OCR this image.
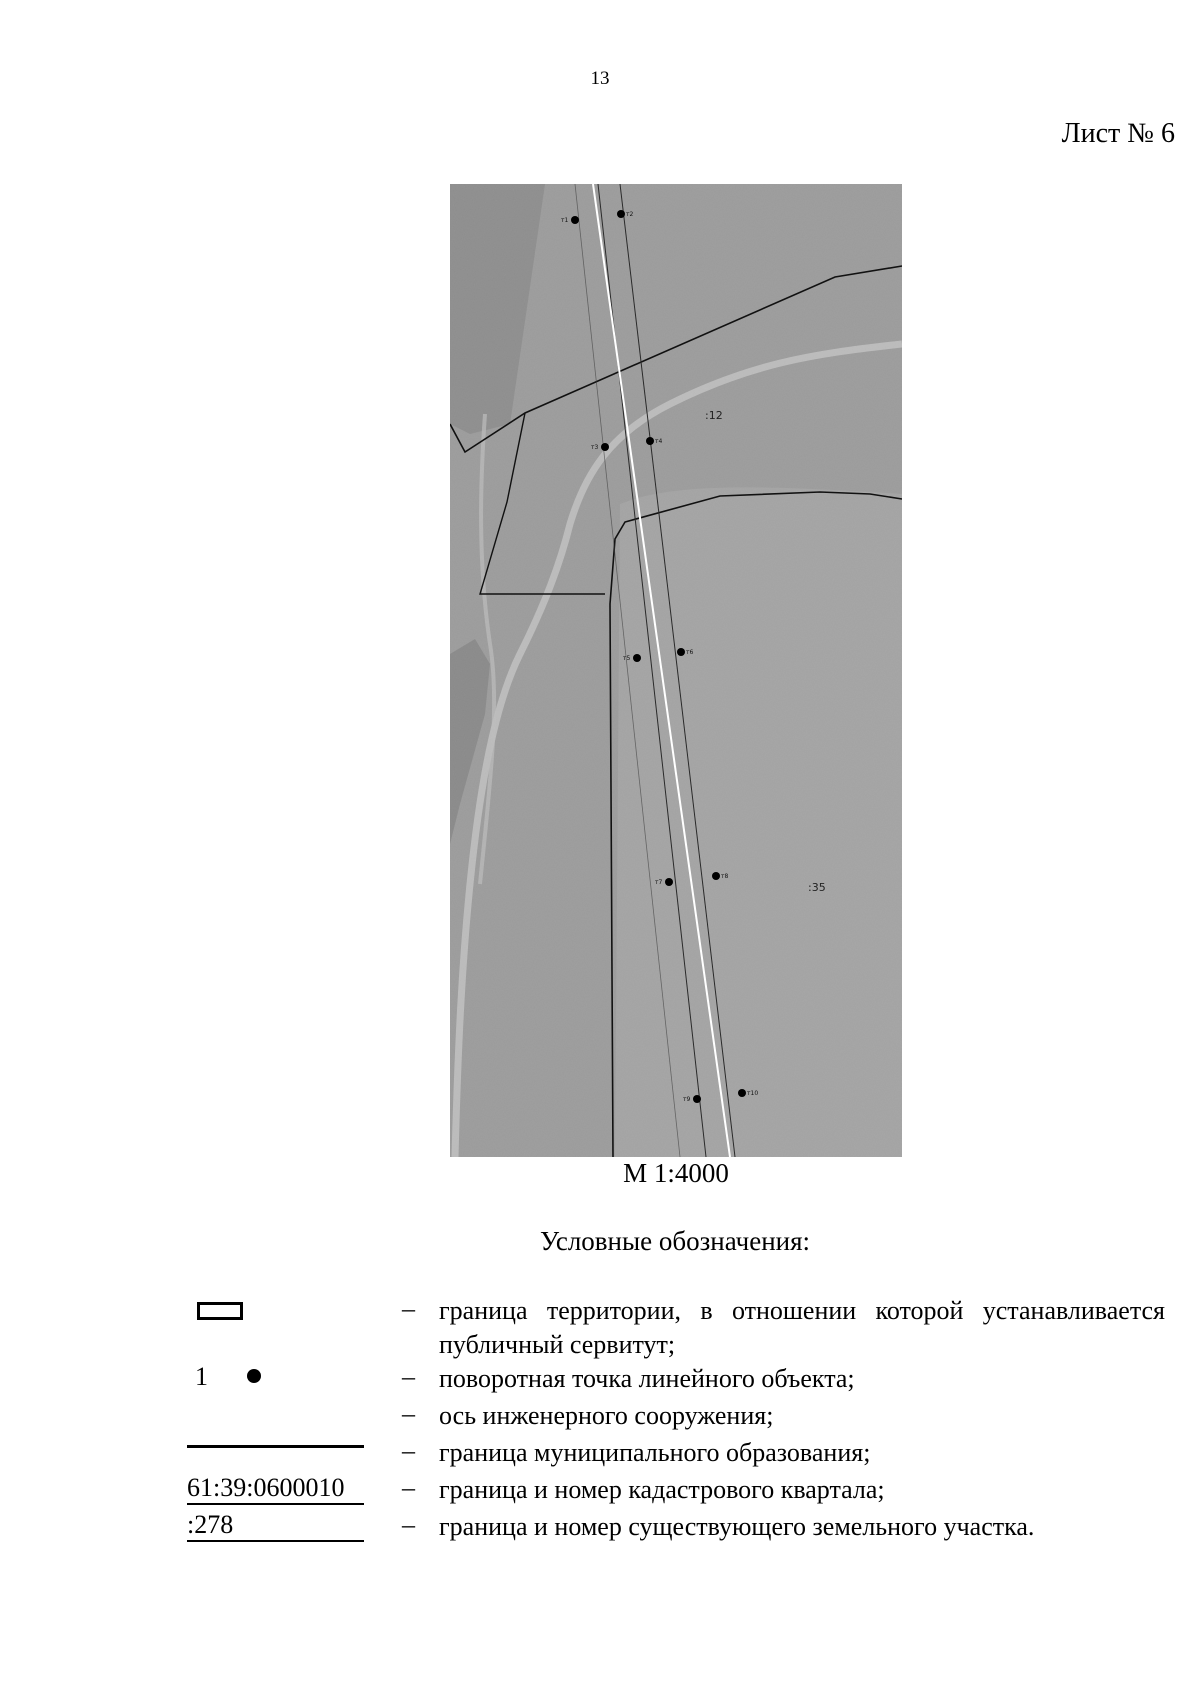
13
Лист № 6
т1
т2
т3
т4
т5
т6
т7
т8
т9
т10
:12
:35
М 1:4000
Условные обозначения:
– граница территории, в отношении которой устанавливается публичный сервитут;
1	– поворотная точка линейного объекта;
– ось инженерного сооружения;
– граница муниципального образования;
61:39:0600010	– граница и номер кадастрового квартала;
:278	– граница и номер существующего земельного участка.
